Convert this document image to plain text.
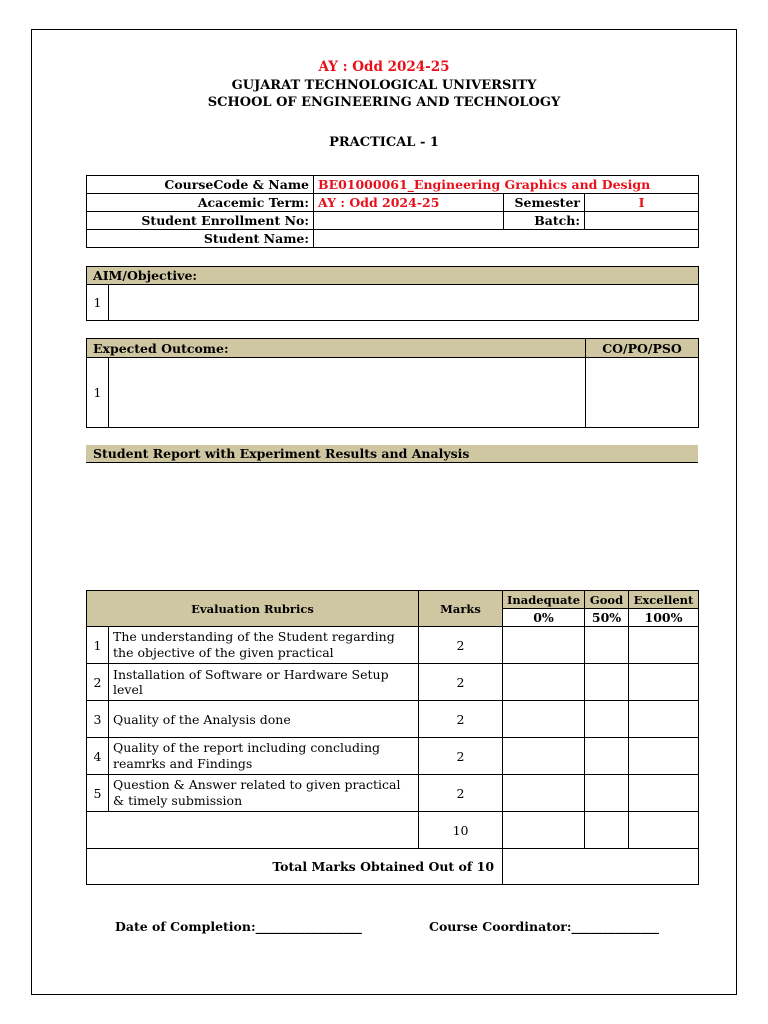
AY : Odd 2024-25
GUJARAT TECHNOLOGICAL UNIVERSITY
SCHOOL OF ENGINEERING AND TECHNOLOGY
PRACTICAL - 1
CourseCode & Name	BE01000061_Engineering Graphics and Design		
Acacemic Term:	AY : Odd 2024-25	Semester	I
Student Enrollment No:		Batch:	
Student Name:			
AIM/Objective:
1	
Expected Outcome:		CO/PO/PSO
1		
Student Report with Experiment Results and Analysis
Evaluation Rubrics		Marks	Inadequate	Good	Excellent
			0%	50%	100%
1	The understanding of the Student regarding the objective of the given practical	2			
2	Installation of Software or Hardware Setup level	2			
3	Quality of the Analysis done	2			
4	Quality of the report including concluding reamrks and Findings	2			
5	Question & Answer related to given practical & timely submission	2			
		10			
Total Marks Obtained Out of 10					
Date of Completion:_________________	Course Coordinator:______________
